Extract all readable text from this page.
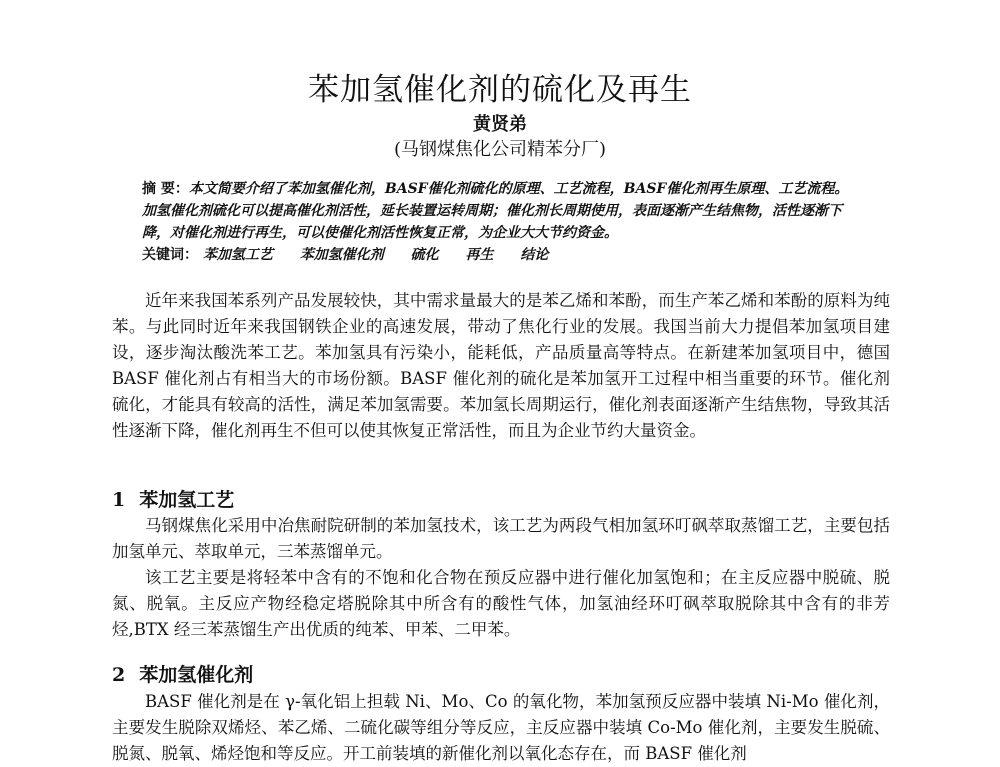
苯加氢催化剂的硫化及再生
黄贤弟
(马钢煤焦化公司精苯分厂)
摘 要：本文简要介绍了苯加氢催化剂，BASF催化剂硫化的原理、工艺流程，BASF催化剂再生原理、工艺流程。加氢催化剂硫化可以提高催化剂活性，延长装置运转周期；催化剂长周期使用，表面逐渐产生结焦物，活性逐渐下降，对催化剂进行再生，可以使催化剂活性恢复正常，为企业大大节约资金。
关键词： 苯加氢工艺 苯加氢催化剂 硫化 再生 结论
近年来我国苯系列产品发展较快，其中需求量最大的是苯乙烯和苯酚，而生产苯乙烯和苯酚的原料为纯苯。与此同时近年来我国钢铁企业的高速发展，带动了焦化行业的发展。我国当前大力提倡苯加氢项目建设，逐步淘汰酸洗苯工艺。苯加氢具有污染小，能耗低，产品质量高等特点。在新建苯加氢项目中，德国 BASF 催化剂占有相当大的市场份额。BASF 催化剂的硫化是苯加氢开工过程中相当重要的环节。催化剂硫化，才能具有较高的活性，满足苯加氢需要。苯加氢长周期运行，催化剂表面逐渐产生结焦物，导致其活性逐渐下降，催化剂再生不但可以使其恢复正常活性，而且为企业节约大量资金。
1 苯加氢工艺
马钢煤焦化采用中冶焦耐院研制的苯加氢技术，该工艺为两段气相加氢环叮砜萃取蒸馏工艺，主要包括加氢单元、萃取单元，三苯蒸馏单元。
该工艺主要是将轻苯中含有的不饱和化合物在预反应器中进行催化加氢饱和；在主反应器中脱硫、脱氮、脱氧。主反应产物经稳定塔脱除其中所含有的酸性气体，加氢油经环叮砜萃取脱除其中含有的非芳烃,BTX 经三苯蒸馏生产出优质的纯苯、甲苯、二甲苯。
2 苯加氢催化剂
BASF 催化剂是在 γ-氧化铝上担载 Ni、Mo、Co 的氧化物，苯加氢预反应器中装填 Ni-Mo 催化剂，主要发生脱除双烯烃、苯乙烯、二硫化碳等组分等反应，主反应器中装填 Co-Mo 催化剂，主要发生脱硫、脱氮、脱氧、烯烃饱和等反应。开工前装填的新催化剂以氧化态存在，而 BASF 催化剂
